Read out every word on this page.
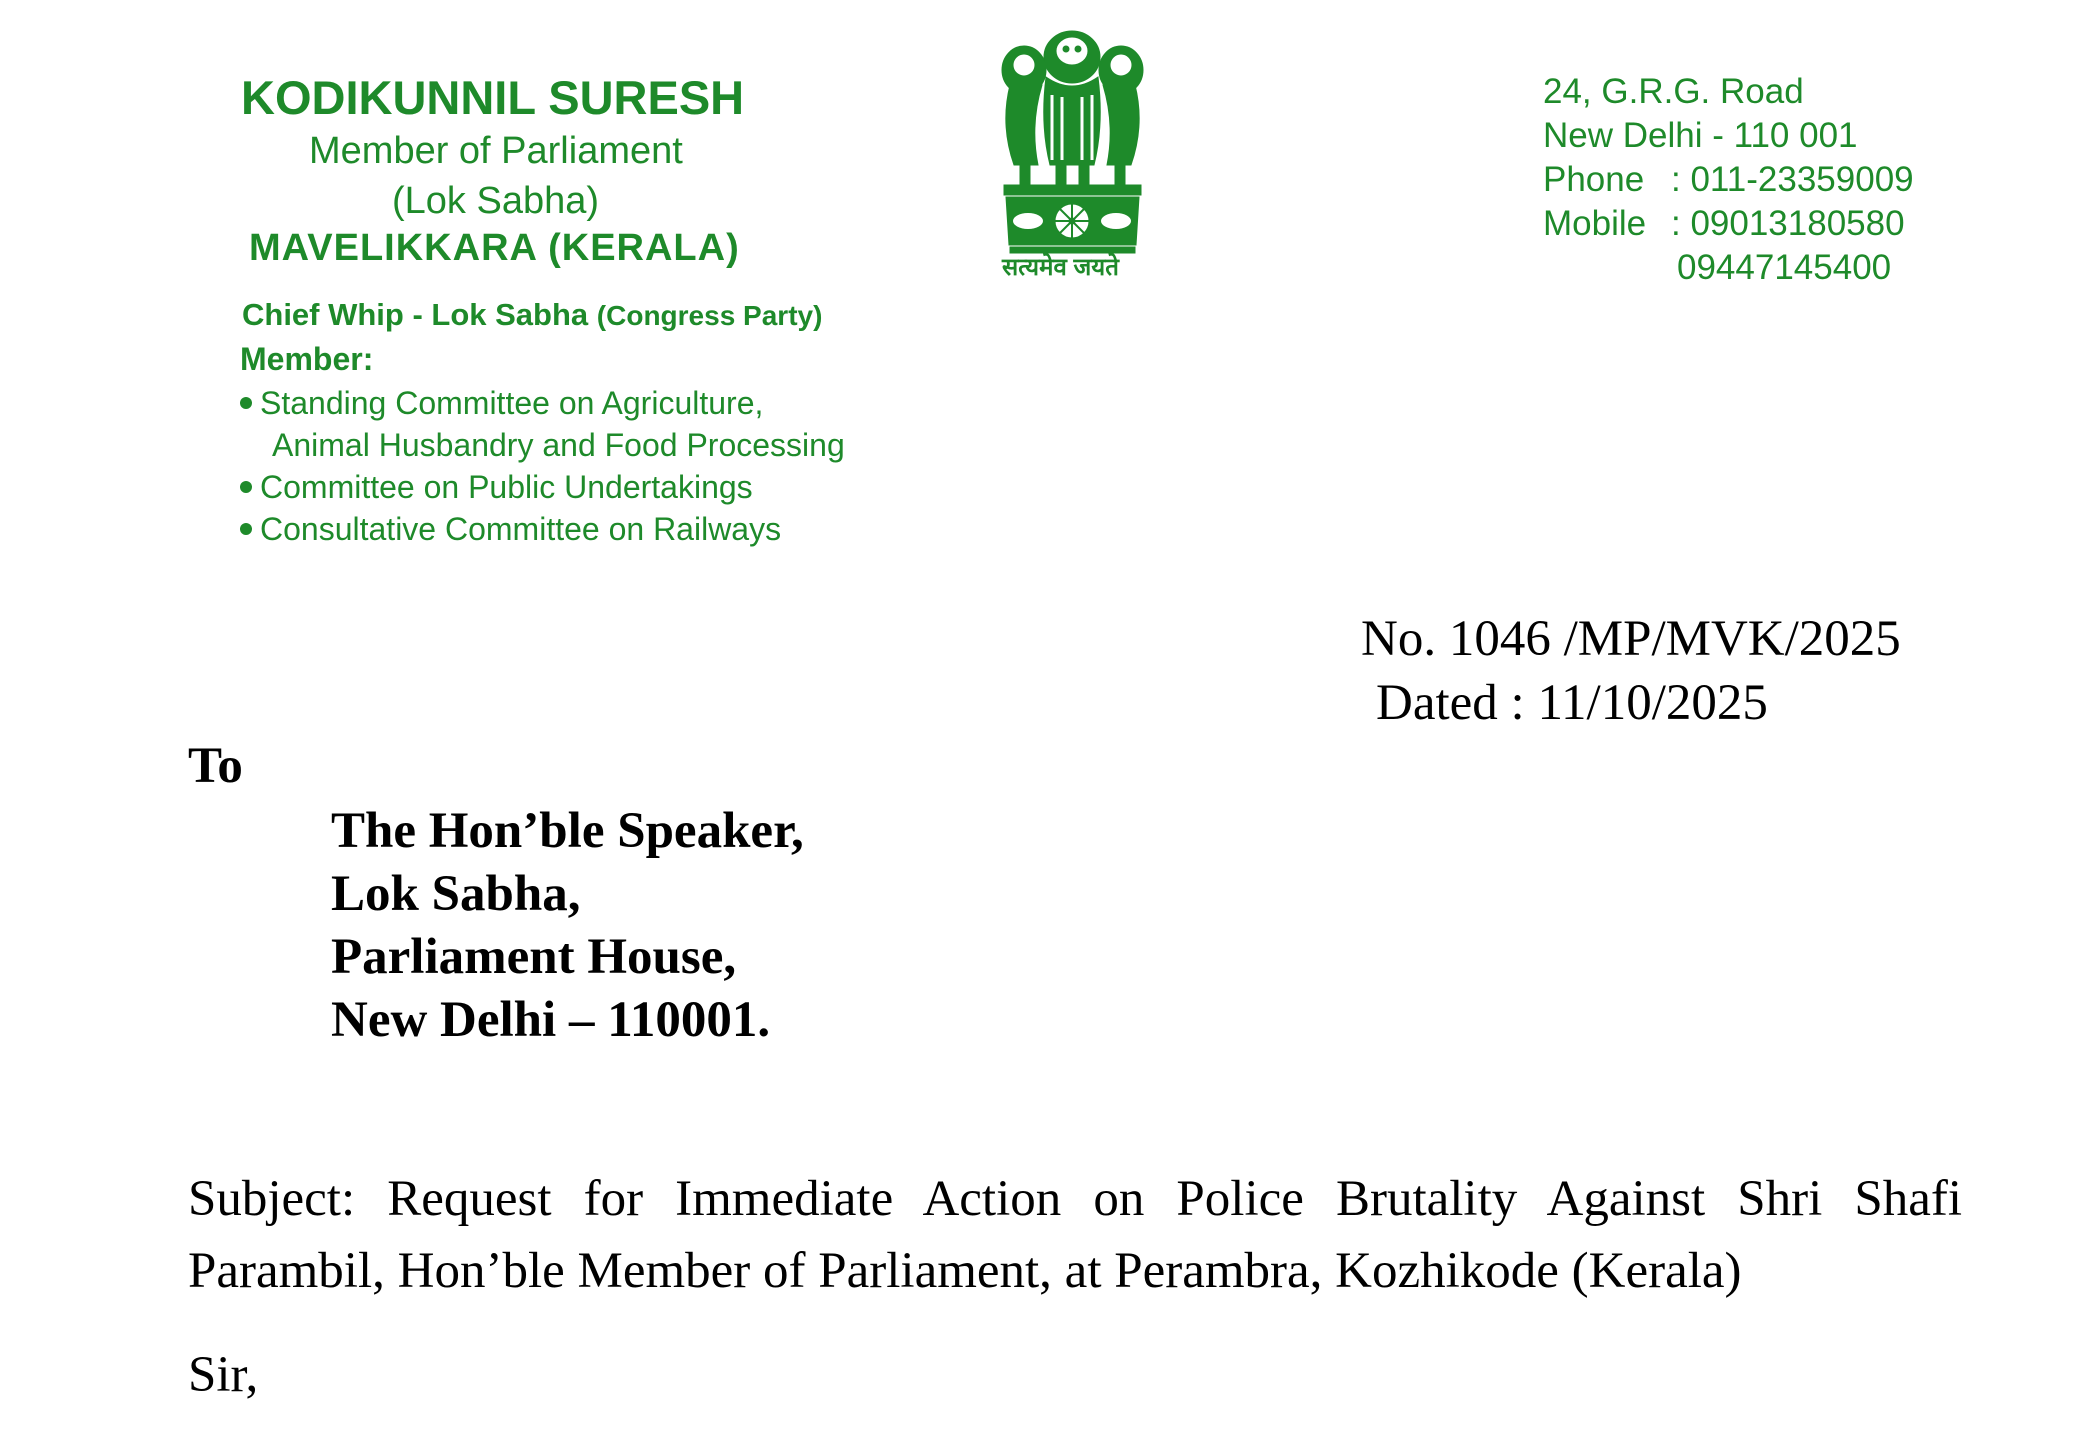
KODIKUNNIL SURESH
Member of Parliament
(Lok Sabha)
MAVELIKKARA (KERALA)
Chief Whip - Lok Sabha (Congress Party)
Member:
Standing Committee on Agriculture,
Animal Husbandry and Food Processing
Committee on Public Undertakings
Consultative Committee on Railways
सत्यमेव जयते
24, G.R.G. Road
New Delhi - 110 001
Phone : 011-23359009
Mobile : 09013180580
09447145400
No. 1046 /MP/MVK/2025
Dated : 11/10/2025
To
The Hon’ble Speaker,
Lok Sabha,
Parliament House,
New Delhi – 110001.
Subject: Request for Immediate Action on Police Brutality Against Shri Shafi Parambil, Hon’ble Member of Parliament, at Perambra, Kozhikode (Kerala)
Sir,
